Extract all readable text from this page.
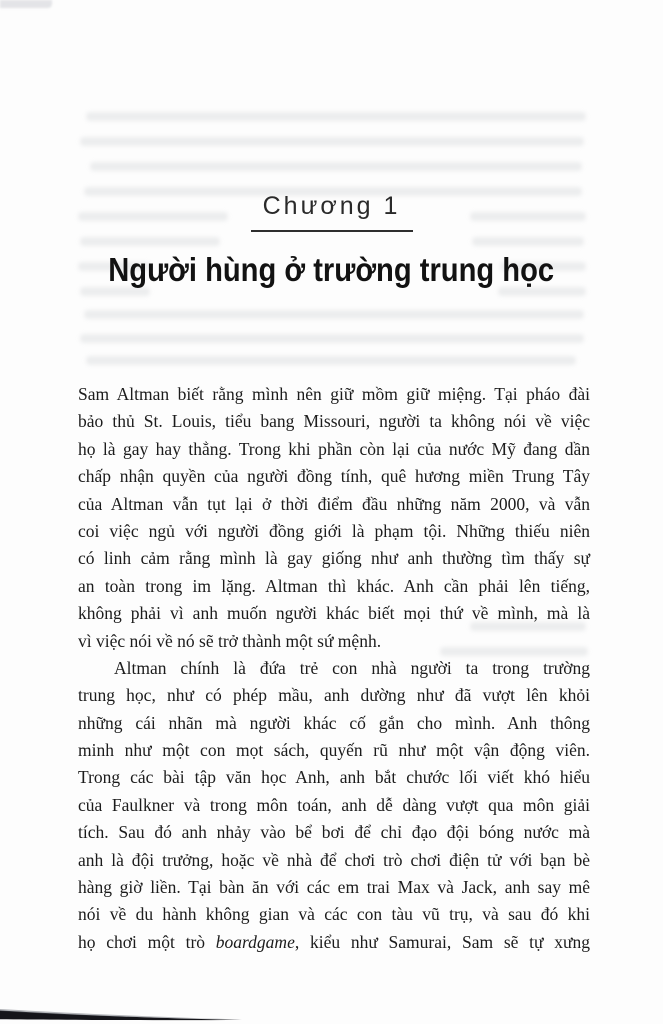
Chương 1
Người hùng ở trường trung học
Sam Altman biết rằng mình nên giữ mồm giữ miệng. Tại pháo đài
bảo thủ St. Louis, tiểu bang Missouri, người ta không nói về việc
họ là gay hay thẳng. Trong khi phần còn lại của nước Mỹ đang dần
chấp nhận quyền của người đồng tính, quê hương miền Trung Tây
của Altman vẫn tụt lại ở thời điểm đầu những năm 2000, và vẫn
coi việc ngủ với người đồng giới là phạm tội. Những thiếu niên
có linh cảm rằng mình là gay giống như anh thường tìm thấy sự
an toàn trong im lặng. Altman thì khác. Anh cần phải lên tiếng,
không phải vì anh muốn người khác biết mọi thứ về mình, mà là
vì việc nói về nó sẽ trở thành một sứ mệnh.
Altman chính là đứa trẻ con nhà người ta trong trường
trung học, như có phép mầu, anh dường như đã vượt lên khỏi
những cái nhãn mà người khác cố gắn cho mình. Anh thông
minh như một con mọt sách, quyến rũ như một vận động viên.
Trong các bài tập văn học Anh, anh bắt chước lối viết khó hiểu
của Faulkner và trong môn toán, anh dễ dàng vượt qua môn giải
tích. Sau đó anh nhảy vào bể bơi để chỉ đạo đội bóng nước mà
anh là đội trưởng, hoặc về nhà để chơi trò chơi điện tử với bạn bè
hàng giờ liền. Tại bàn ăn với các em trai Max và Jack, anh say mê
nói về du hành không gian và các con tàu vũ trụ, và sau đó khi
họ chơi một trò boardgame, kiểu như Samurai, Sam sẽ tự xưng
